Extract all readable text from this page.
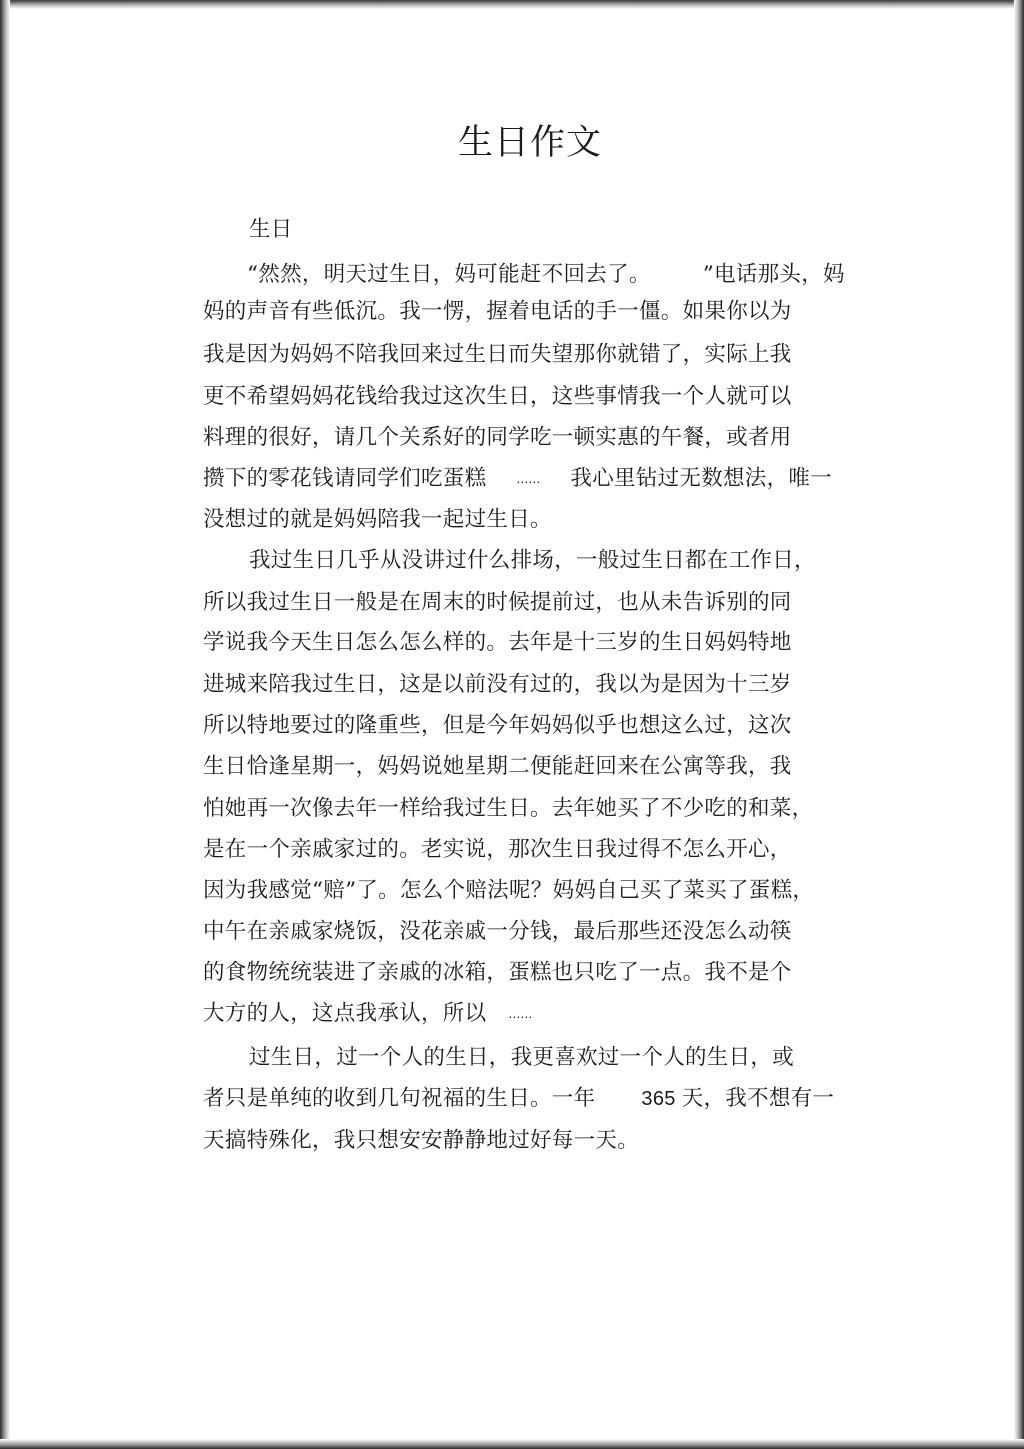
生日作文
生日
“然然，明天过生日，妈可能赶不回去了。 ”电话那头，妈
妈的声音有些低沉。我一愣，握着电话的手一僵。如果你以为
我是因为妈妈不陪我回来过生日而失望那你就错了，实际上我
更不希望妈妈花钱给我过这次生日，这些事情我一个人就可以
料理的很好，请几个关系好的同学吃一顿实惠的午餐，或者用
攒下的零花钱请同学们吃蛋糕	…… 我心里钻过无数想法，唯一
没想过的就是妈妈陪我一起过生日。
我过生日几乎从没讲过什么排场，一般过生日都在工作日，
所以我过生日一般是在周末的时候提前过，也从未告诉别的同
学说我今天生日怎么怎么样的。去年是十三岁的生日妈妈特地
进城来陪我过生日，这是以前没有过的，我以为是因为十三岁
所以特地要过的隆重些，但是今年妈妈似乎也想这么过，这次
生日恰逢星期一，妈妈说她星期二便能赶回来在公寓等我，我
怕她再一次像去年一样给我过生日。去年她买了不少吃的和菜，
是在一个亲戚家过的。老实说，那次生日我过得不怎么开心，
因为我感觉“赔”了。怎么个赔法呢？妈妈自己买了菜买了蛋糕，
中午在亲戚家烧饭，没花亲戚一分钱，最后那些还没怎么动筷
的食物统统装进了亲戚的冰箱，蛋糕也只吃了一点。我不是个
大方的人，这点我承认，所以 ……
过生日，过一个人的生日，我更喜欢过一个人的生日，或
者只是单纯的收到几句祝福的生日。一年 365 天，我不想有一
天搞特殊化，我只想安安静静地过好每一天。
